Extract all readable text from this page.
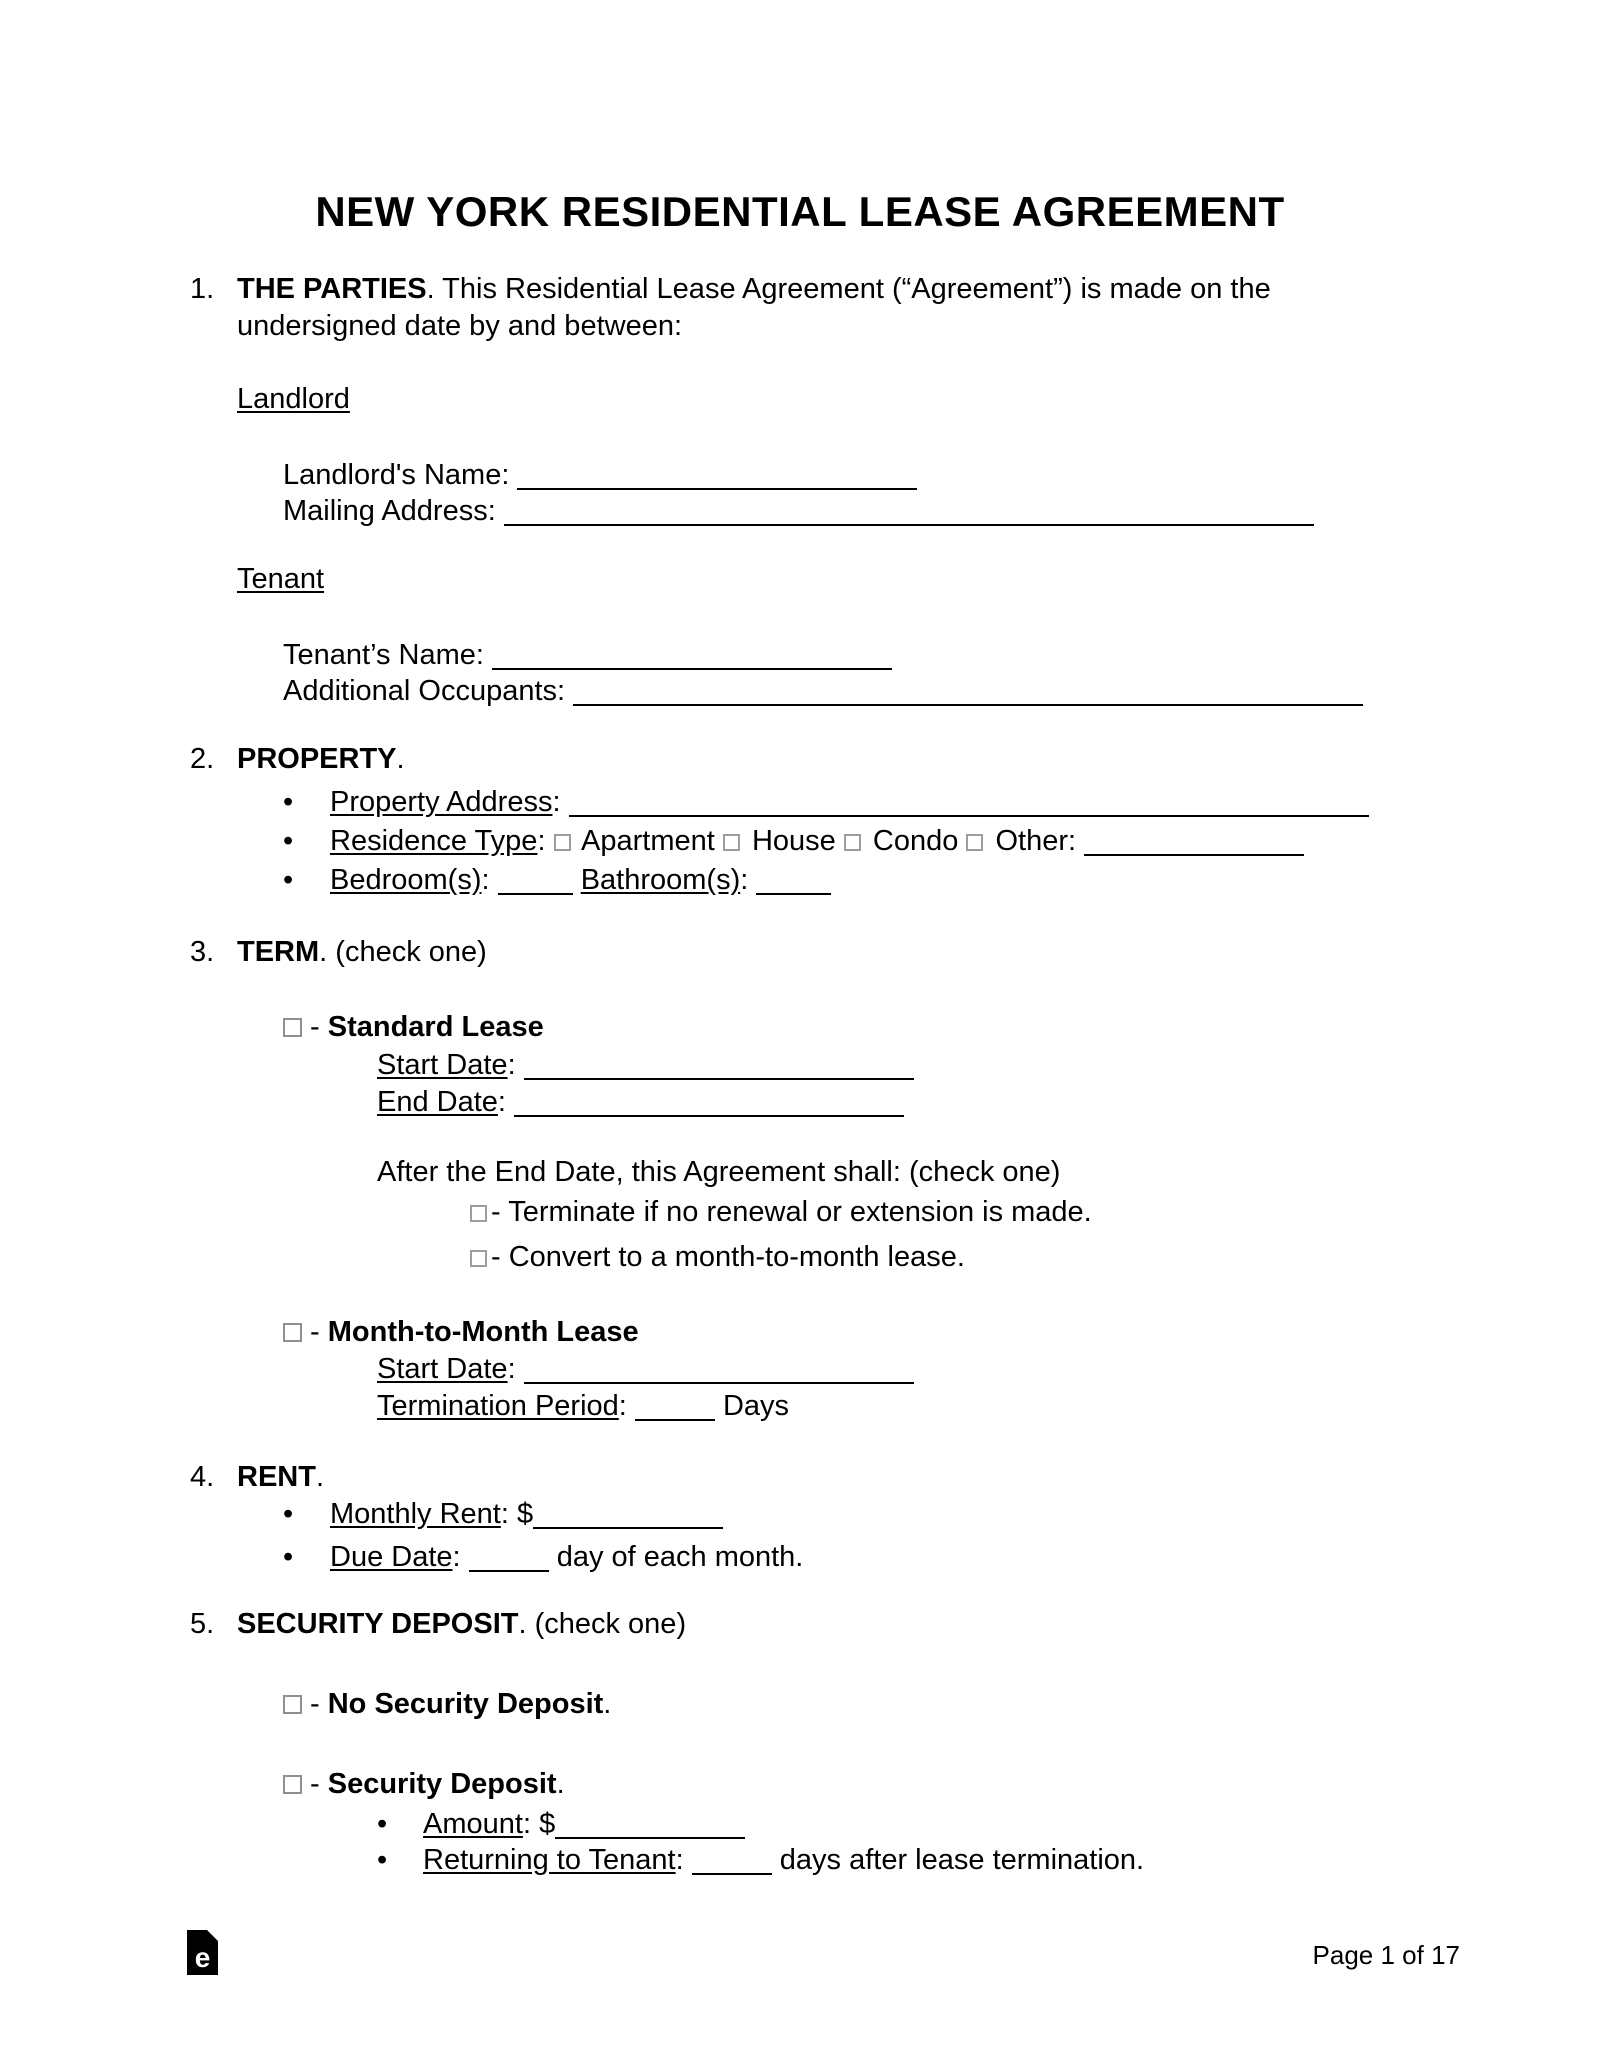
NEW YORK RESIDENTIAL LEASE AGREEMENT
1. THE PARTIES. This Residential Lease Agreement (“Agreement”) is made on the undersigned date by and between:
Landlord
Landlord's Name:
Mailing Address:
Tenant
Tenant’s Name:
Additional Occupants:
2. PROPERTY.
• Property Address:
• Residence Type: Apartment House Condo Other:
• Bedroom(s):	Bathroom(s):
3. TERM. (check one)
- Standard Lease
Start Date:
End Date:
After the End Date, this Agreement shall: (check one)
- Terminate if no renewal or extension is made.
- Convert to a month-to-month lease.
- Month-to-Month Lease
Start Date:
Termination Period:	Days
4. RENT.
• Monthly Rent: $
• Due Date:	day of each month.
5. SECURITY DEPOSIT. (check one)
- No Security Deposit.
- Security Deposit.
• Amount: $
• Returning to Tenant:	days after lease termination.
e	Page 1 of 17
